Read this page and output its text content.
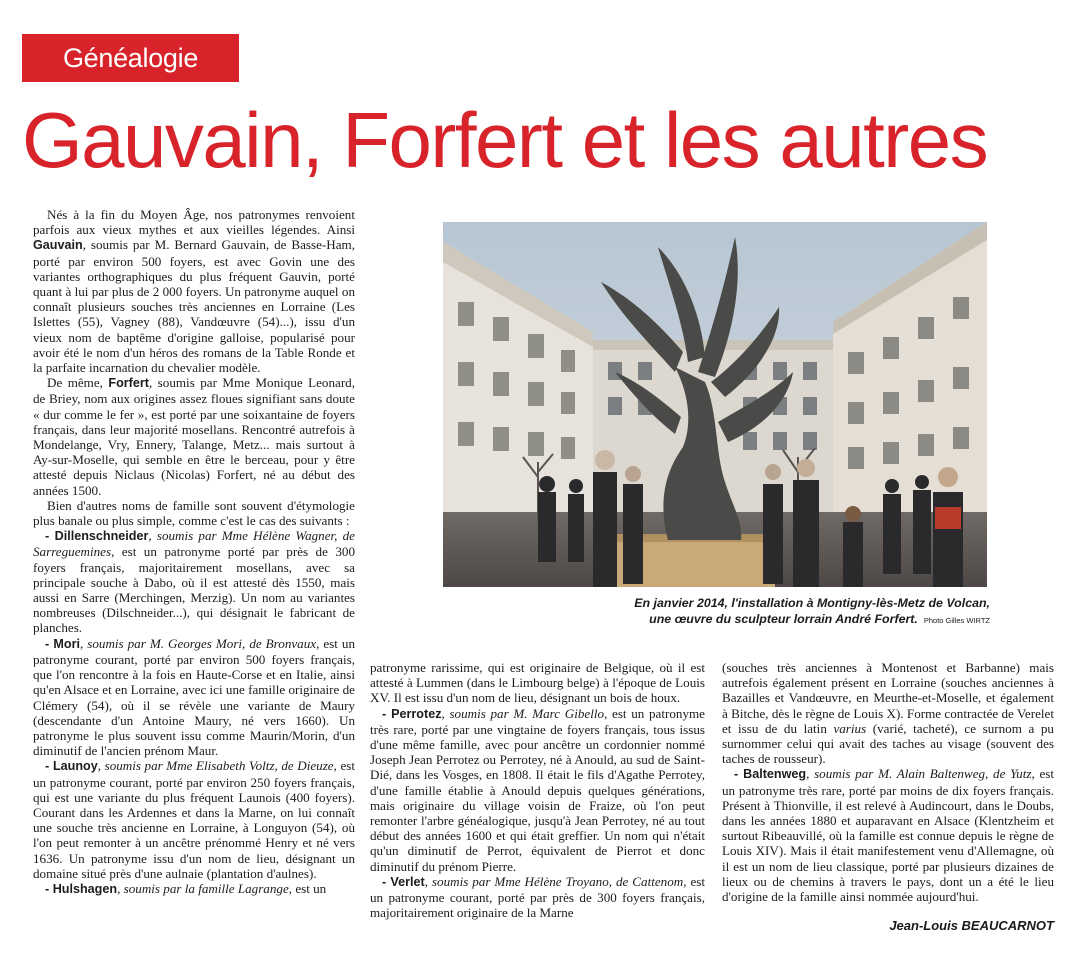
Généalogie
Gauvain, Forfert et les autres

Nés à la fin du Moyen Âge, nos patronymes renvoient parfois aux vieux mythes et aux vieilles légendes. Ainsi Gauvain, soumis par M. Bernard Gauvain, de Basse-Ham, porté par environ 500 foyers, est avec Govin une des variantes orthographiques du plus fréquent Gauvin, porté quant à lui par plus de 2 000 foyers. Un patronyme auquel on connaît plusieurs souches très anciennes en Lorraine (Les Islettes (55), Vagney (88), Vandœuvre (54)...), issu d'un vieux nom de baptême d'origine galloise, popularisé pour avoir été le nom d'un héros des romans de la Table Ronde et la parfaite incarnation du chevalier modèle.

De même, Forfert, soumis par Mme Monique Leonard, de Briey, nom aux origines assez floues signifiant sans doute « dur comme le fer », est porté par une soixantaine de foyers français, dans leur majorité mosellans. Rencontré autrefois à Mondelange, Vry, Ennery, Talange, Metz... mais surtout à Ay-sur-Moselle, qui semble en être le berceau, pour y être attesté depuis Niclaus (Nicolas) Forfert, né au début des années 1500.

Bien d'autres noms de famille sont souvent d'étymologie plus banale ou plus simple, comme c'est le cas des suivants :

- Dillenschneider, soumis par Mme Hélène Wagner, de Sarreguemines, est un patronyme porté par près de 300 foyers français, majoritairement mosellans, avec sa principale souche à Dabo, où il est attesté dès 1550, mais aussi en Sarre (Merchingen, Merzig). Un nom au variantes nombreuses (Dilschneider...), qui désignait le fabricant de planches.

- Mori, soumis par M. Georges Mori, de Bronvaux, est un patronyme courant, porté par environ 500 foyers français, que l'on rencontre à la fois en Haute-Corse et en Italie, ainsi qu'en Alsace et en Lorraine, avec ici une famille originaire de Clémery (54), où il se révèle une variante de Maury (descendante d'un Antoine Maury, né vers 1660). Un patronyme le plus souvent issu comme Maurin/Morin, d'un diminutif de l'ancien prénom Maur.

- Launoy, soumis par Mme Elisabeth Voltz, de Dieuze, est un patronyme courant, porté par environ 250 foyers français, qui est une variante du plus fréquent Launois (400 foyers). Courant dans les Ardennes et dans la Marne, on lui connaît une souche très ancienne en Lorraine, à Longuyon (54), où l'on peut remonter à un ancêtre prénommé Henry et né vers 1636. Un patronyme issu d'un nom de lieu, désignant un domaine situé près d'une aulnaie (plantation d'aulnes).

- Hulshagen, soumis par la famille Lagrange, est un

En janvier 2014, l'installation à Montigny-lès-Metz de Volcan,
une œuvre du sculpteur lorrain André Forfert. Photo Gilles WIRTZ

patronyme rarissime, qui est originaire de Belgique, où il est attesté à Lummen (dans le Limbourg belge) à l'époque de Louis XV. Il est issu d'un nom de lieu, désignant un bois de houx.

- Perrotez, soumis par M. Marc Gibello, est un patronyme très rare, porté par une vingtaine de foyers français, tous issus d'une même famille, avec pour ancêtre un cordonnier nommé Joseph Jean Perrotez ou Perrotey, né à Anould, au sud de Saint-Dié, dans les Vosges, en 1808. Il était le fils d'Agathe Perrotey, d'une famille établie à Anould depuis quelques générations, mais originaire du village voisin de Fraize, où l'on peut remonter l'arbre généalogique, jusqu'à Jean Perrotey, né au tout début des années 1600 et qui était greffier. Un nom qui n'était qu'un diminutif de Perrot, équivalent de Pierrot et donc diminutif du prénom Pierre.

- Verlet, soumis par Mme Hélène Troyano, de Cattenom, est un patronyme courant, porté par près de 300 foyers français, majoritairement originaire de la Marne

(souches très anciennes à Montenost et Barbanne) mais autrefois également présent en Lorraine (souches anciennes à Bazailles et Vandœuvre, en Meurthe-et-Moselle, et également à Bitche, dès le règne de Louis X). Forme contractée de Verelet et issu de du latin varius (varié, tacheté), ce surnom a pu surnommer celui qui avait des taches au visage (souvent des taches de rousseur).

- Baltenweg, soumis par M. Alain Baltenweg, de Yutz, est un patronyme très rare, porté par moins de dix foyers français. Présent à Thionville, il est relevé à Audincourt, dans le Doubs, dans les années 1880 et auparavant en Alsace (Klentzheim et surtout Ribeauvillé, où la famille est connue depuis le règne de Louis XIV). Mais il était manifestement venu d'Allemagne, où il est un nom de lieu classique, porté par plusieurs dizaines de lieux ou de chemins à travers le pays, dont un a été le lieu d'origine de la famille ainsi nommée aujourd'hui.

Jean-Louis BEAUCARNOT
